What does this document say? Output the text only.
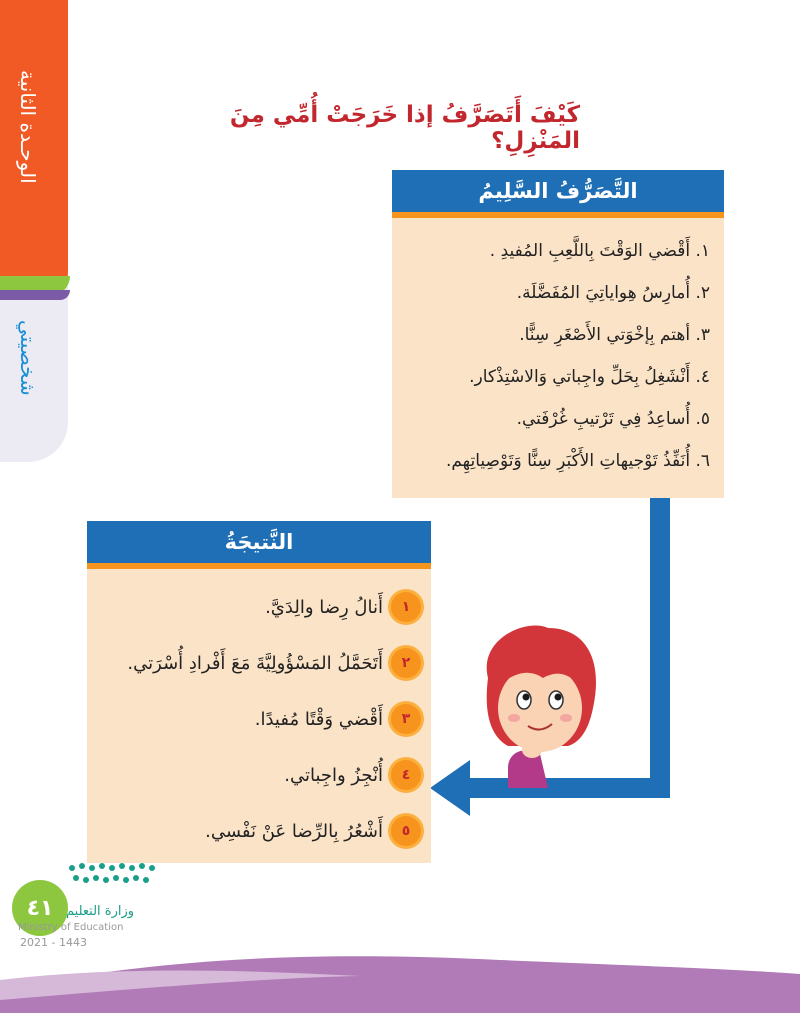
الوحـدة الثانية
شخصيتي
كَيْفَ أَتَصَرَّفُ إذا خَرَجَتْ أُمِّي مِنَ المَنْزِلِ؟
التَّصَرُّفُ السَّلِيمُ
١. أَقْضي الوَقْتَ بِاللَّعِبِ المُفيدِ .
٢. أُمارِسُ هِواياتِيَ المُفَضَّلَة.
٣. أهتم بِإخْوَتي الأَصْغَرِ سِنًّا.
٤. أَنْشَغِلُ بِحَلِّ واجِباتي وَالاسْتِذْكار.
٥. أُساعِدُ فِي تَرْتيبِ غُرْفَتي.
٦. أُنَفِّذُ تَوْجيهاتِ الأَكْبَرِ سِنًّا وَتَوْصِياتِهِم.
النَّتيجَةُ
١
أَنالُ رِضا والِدَيَّ.
٢
أَتَحَمَّلُ المَسْؤُولِيَّةَ مَعَ أَفْرادِ أُسْرَتي.
٣
أَقْضي وَقْتًا مُفيدًا.
٤
أُنْجِزُ واجِباتي.
٥
أَشْعُرُ بِالرِّضا عَنْ نَفْسِي.
٤١ وزارة التعليم
Ministry of Education
2021 - 1443
